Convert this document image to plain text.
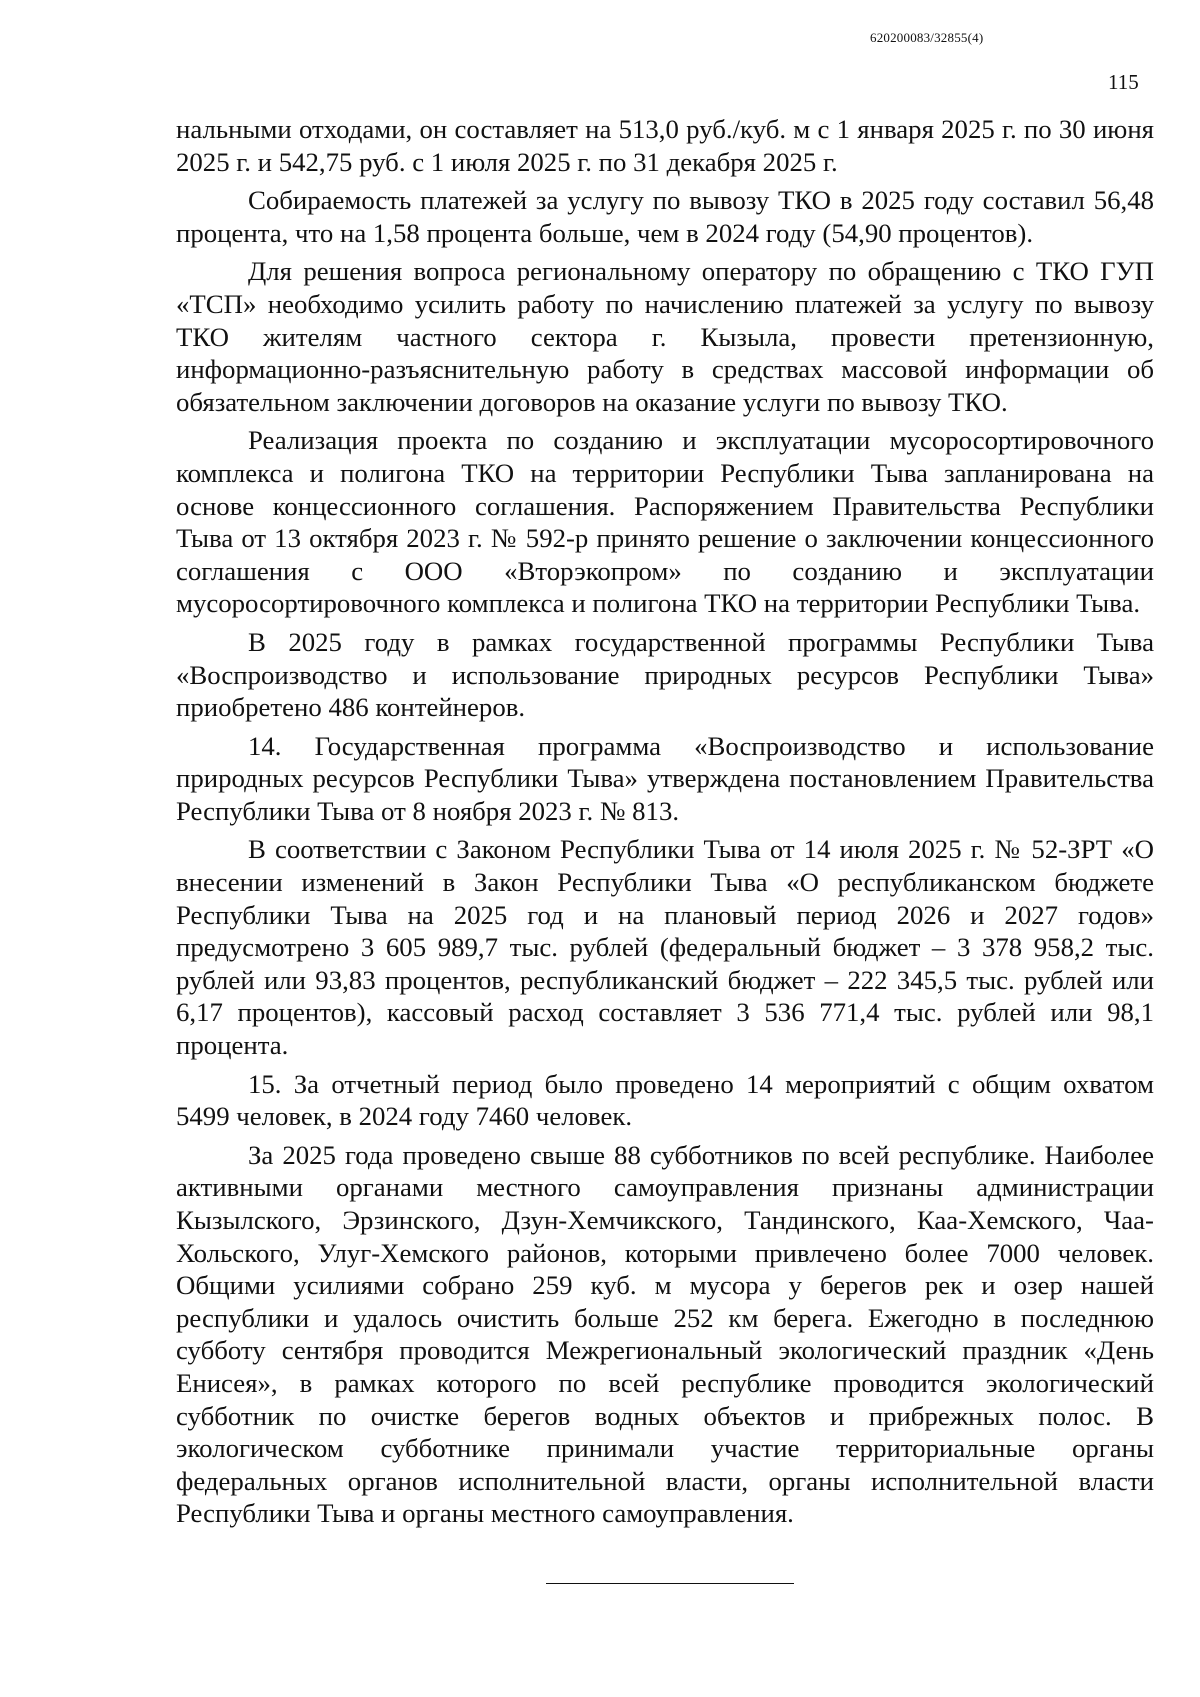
620200083/32855(4)
115

нальными отходами, он составляет на 513,0 руб./куб. м с 1 января 2025 г. по 30 июня 2025 г. и 542,75 руб. с 1 июля 2025 г. по 31 декабря 2025 г.

Собираемость платежей за услугу по вывозу ТКО в 2025 году составил 56,48 процента, что на 1,58 процента больше, чем в 2024 году (54,90 процентов).

Для решения вопроса региональному оператору по обращению с ТКО ГУП «ТСП» необходимо усилить работу по начислению платежей за услугу по вывозу ТКО жителям частного сектора г. Кызыла, провести претензионную, информационно-разъяснительную работу в средствах массовой информации об обязательном заключении договоров на оказание услуги по вывозу ТКО.

Реализация проекта по созданию и эксплуатации мусоросортировочного комплекса и полигона ТКО на территории Республики Тыва запланирована на основе концессионного соглашения. Распоряжением Правительства Республики Тыва от 13 октября 2023 г. № 592-р принято решение о заключении концессионного соглашения с ООО «Вторэкопром» по созданию и эксплуатации мусоросортировочного комплекса и полигона ТКО на территории Республики Тыва.

В 2025 году в рамках государственной программы Республики Тыва «Воспроизводство и использование природных ресурсов Республики Тыва» приобретено 486 контейнеров.

14. Государственная программа «Воспроизводство и использование природных ресурсов Республики Тыва» утверждена постановлением Правительства Республики Тыва от 8 ноября 2023 г. № 813.

В соответствии с Законом Республики Тыва от 14 июля 2025 г. № 52-ЗРТ «О внесении изменений в Закон Республики Тыва «О республиканском бюджете Республики Тыва на 2025 год и на плановый период 2026 и 2027 годов» предусмотрено 3 605 989,7 тыс. рублей (федеральный бюджет – 3 378 958,2 тыс. рублей или 93,83 процентов, республиканский бюджет – 222 345,5 тыс. рублей или 6,17 процентов), кассовый расход составляет 3 536 771,4 тыс. рублей или 98,1 процента.

15. За отчетный период было проведено 14 мероприятий с общим охватом 5499 человек, в 2024 году 7460 человек.

За 2025 года проведено свыше 88 субботников по всей республике. Наиболее активными органами местного самоуправления признаны администрации Кызылского, Эрзинского, Дзун-Хемчикского, Тандинского, Каа-Хемского, Чаа-Хольского, Улуг-Хемского районов, которыми привлечено более 7000 человек. Общими усилиями собрано 259 куб. м мусора у берегов рек и озер нашей республики и удалось очистить больше 252 км берега. Ежегодно в последнюю субботу сентября проводится Межрегиональный экологический праздник «День Енисея», в рамках которого по всей республике проводится экологический субботник по очистке берегов водных объектов и прибрежных полос. В экологическом субботнике принимали участие территориальные органы федеральных органов исполнительной власти, органы исполнительной власти Республики Тыва и органы местного самоуправления.
